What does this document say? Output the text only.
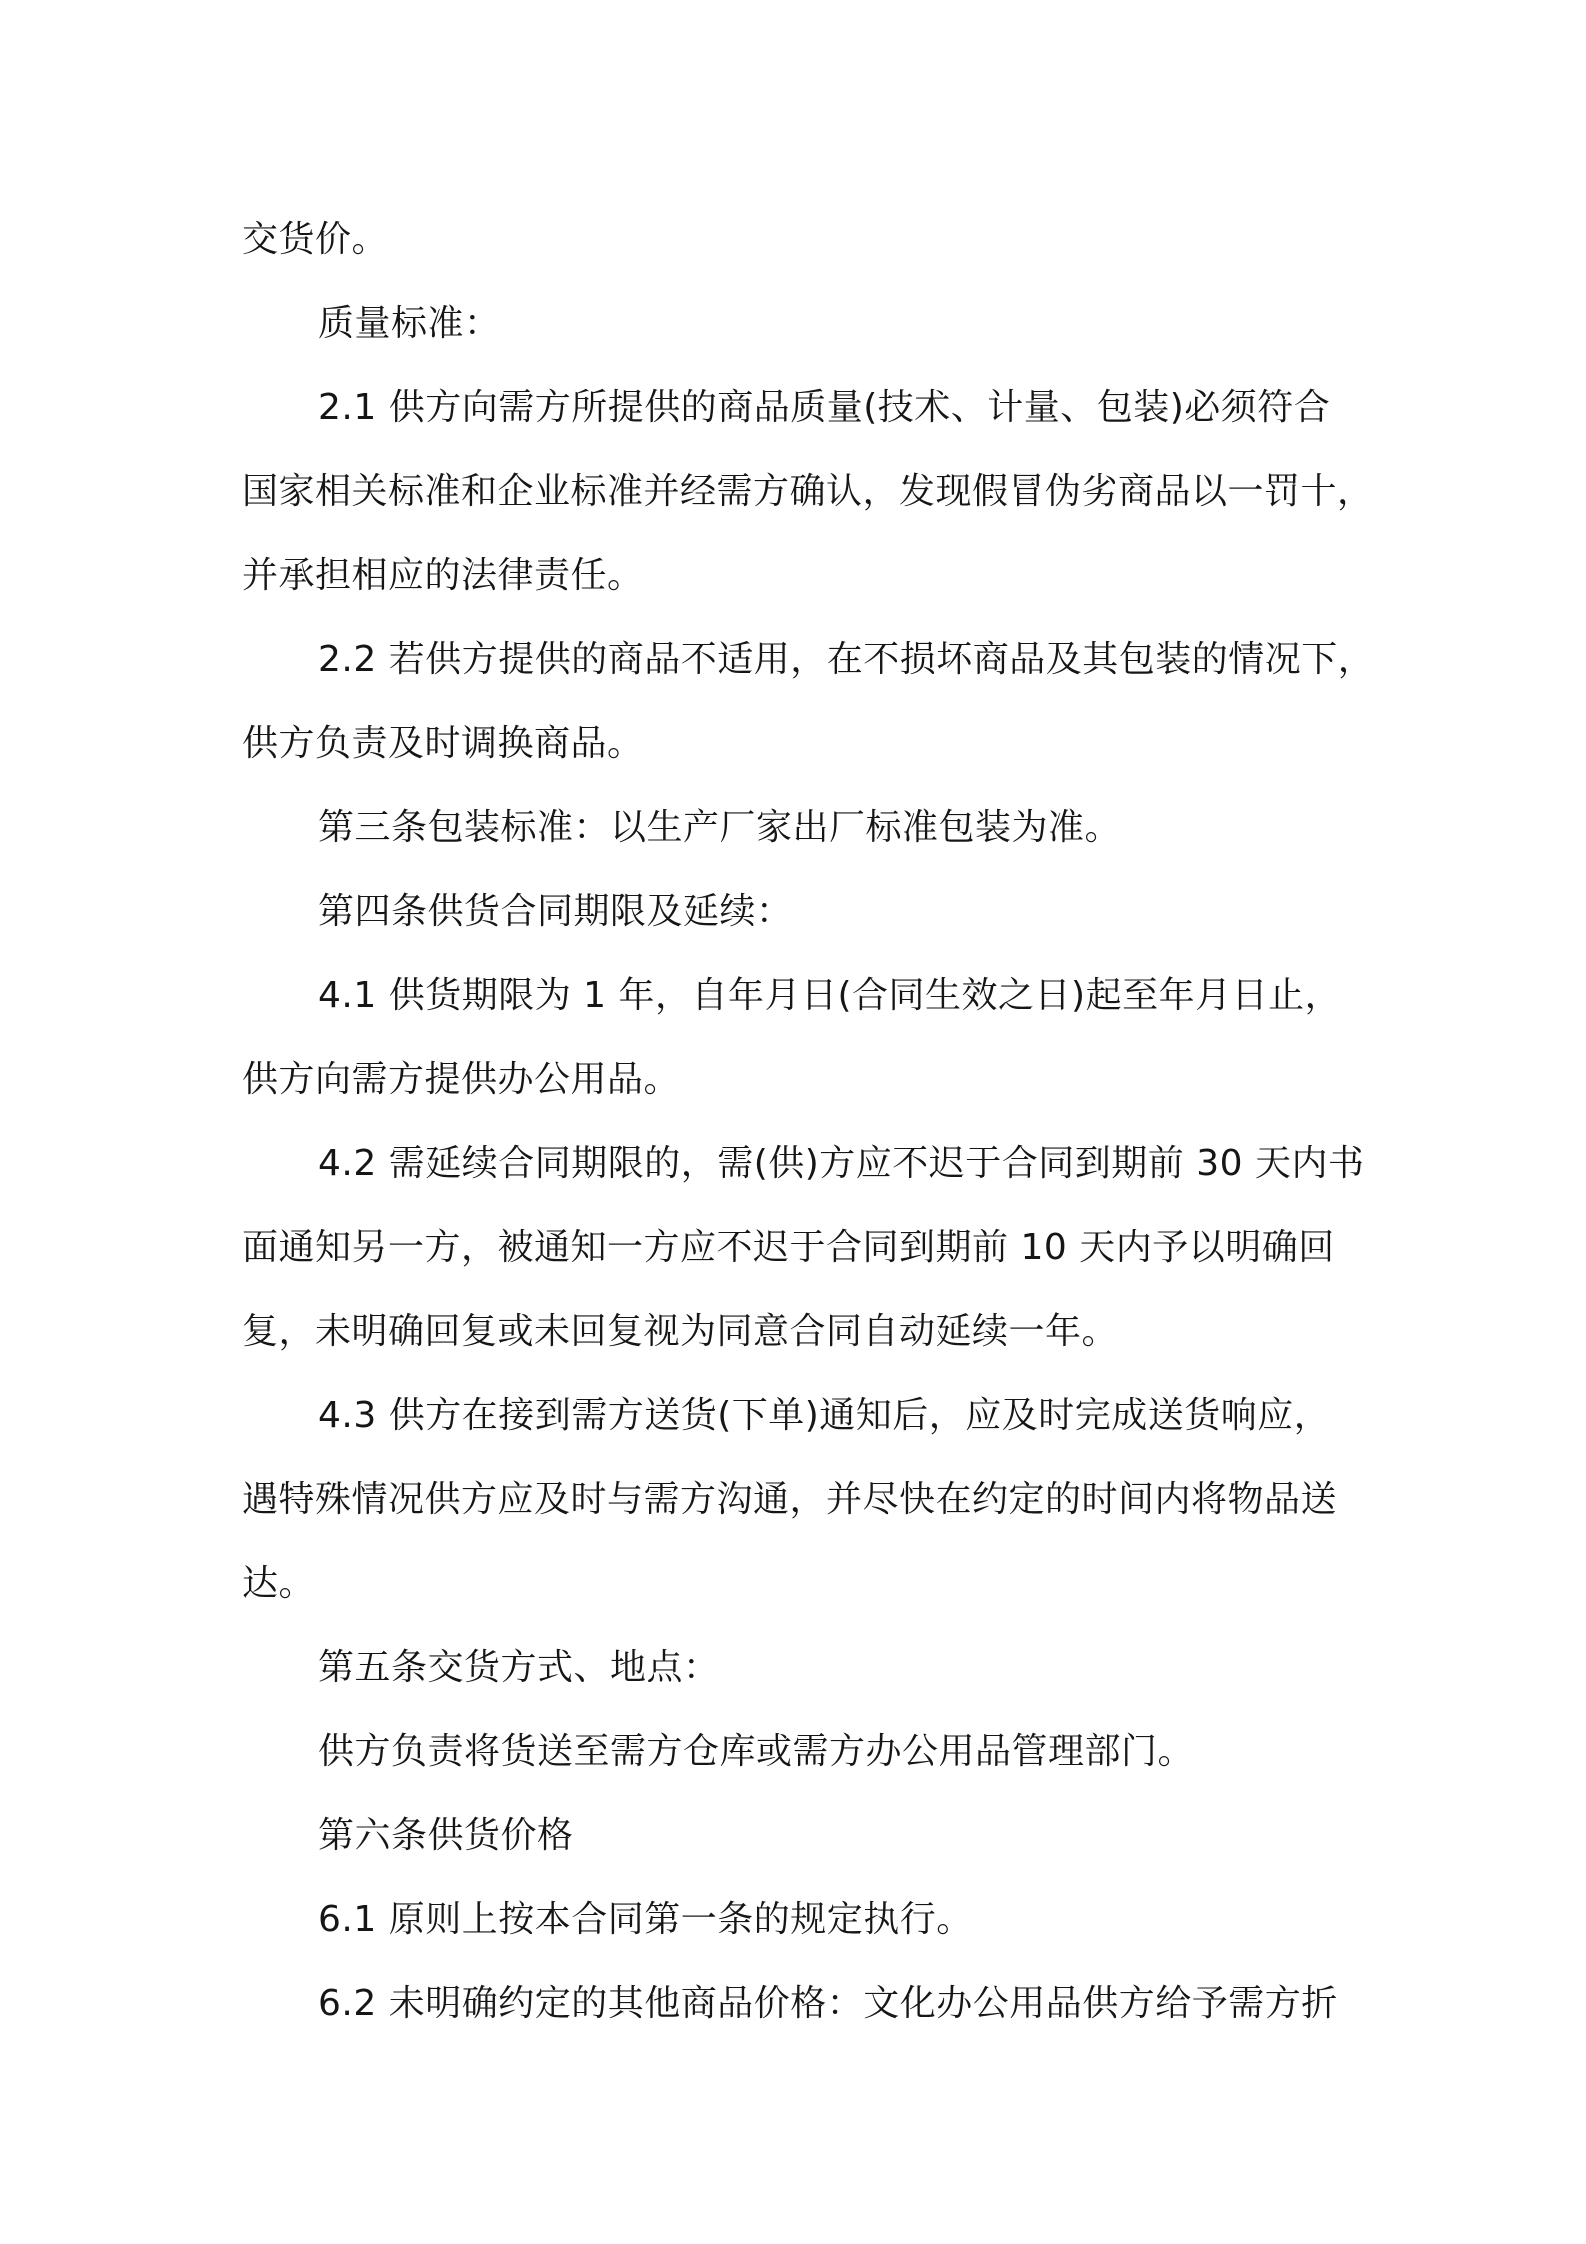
交货价。

质量标准：

2.1 供方向需方所提供的商品质量(技术、计量、包装)必须符合

国家相关标准和企业标准并经需方确认，发现假冒伪劣商品以一罚十，

并承担相应的法律责任。

2.2 若供方提供的商品不适用，在不损坏商品及其包装的情况下，

供方负责及时调换商品。

第三条包装标准：以生产厂家出厂标准包装为准。

第四条供货合同期限及延续：

4.1 供货期限为 1 年，自年月日(合同生效之日)起至年月日止，

供方向需方提供办公用品。

4.2 需延续合同期限的，需(供)方应不迟于合同到期前 30 天内书

面通知另一方，被通知一方应不迟于合同到期前 10 天内予以明确回

复，未明确回复或未回复视为同意合同自动延续一年。

4.3 供方在接到需方送货(下单)通知后，应及时完成送货响应，

遇特殊情况供方应及时与需方沟通，并尽快在约定的时间内将物品送

达。

第五条交货方式、地点：

供方负责将货送至需方仓库或需方办公用品管理部门。

第六条供货价格

6.1 原则上按本合同第一条的规定执行。

6.2 未明确约定的其他商品价格：文化办公用品供方给予需方折
